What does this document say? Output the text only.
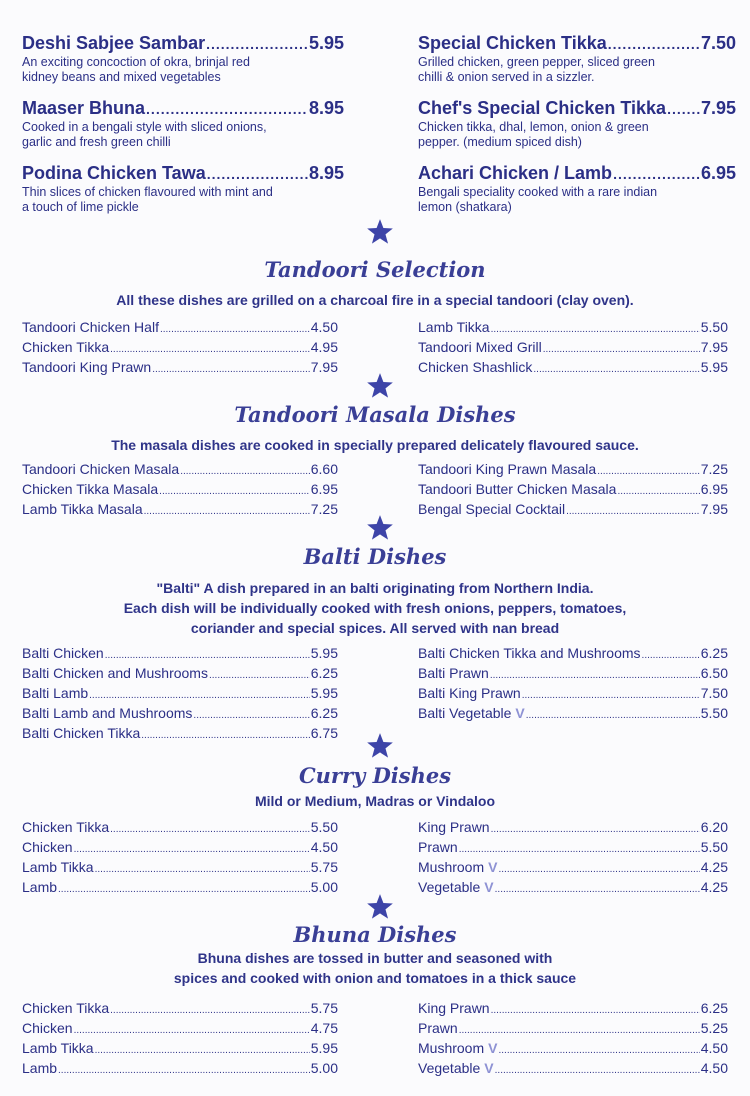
Deshi Sabjee Sambar .....	5.95
An exciting concoction of okra, brinjal red
kidney beans and mixed vegetables
Maaser Bhuna .....	8.95
Cooked in a bengali style with sliced onions,
garlic and fresh green chilli
Podina Chicken Tawa .....	8.95
Thin slices of chicken flavoured with mint and
a touch of lime pickle
Special Chicken Tikka .....	7.50
Grilled chicken, green pepper, sliced green
chilli & onion served in a sizzler.
Chef's Special Chicken Tikka ..... 7.95
Chicken tikka, dhal, lemon, onion & green
pepper. (medium spiced dish)
Achari Chicken / Lamb .....	6.95
Bengali speciality cooked with a rare indian
lemon (shatkara)
Tandoori Selection
All these dishes are grilled on a charcoal fire in a special tandoori (clay oven).
Tandoori Chicken Half .....	4.50
Chicken Tikka .....	4.95
Tandoori King Prawn .....	7.95
Lamb Tikka .....	5.50
Tandoori Mixed Grill .....	7.95
Chicken Shashlick .....	5.95
Tandoori Masala Dishes
The masala dishes are cooked in specially prepared delicately flavoured sauce.
Tandoori Chicken Masala .....	6.60
Chicken Tikka Masala .....	6.95
Lamb Tikka Masala .....	7.25
Tandoori King Prawn Masala .....	7.25
Tandoori Butter Chicken Masala .....	6.95
Bengal Special Cocktail .....	7.95
Balti Dishes
"Balti" A dish prepared in an balti originating from Northern India.
Each dish will be individually cooked with fresh onions, peppers, tomatoes,
coriander and special spices. All served with nan bread
Balti Chicken .....	5.95
Balti Chicken and Mushrooms .....	6.25
Balti Lamb .....	5.95
Balti Lamb and Mushrooms .....	6.25
Balti Chicken Tikka .....	6.75
Balti Chicken Tikka and Mushrooms .....	6.25
Balti Prawn .....	6.50
Balti King Prawn .....	7.50
Balti Vegetable V .....	5.50
Curry Dishes
Mild or Medium, Madras or Vindaloo
Chicken Tikka .....	5.50
Chicken .....	4.50
Lamb Tikka .....	5.75
Lamb .....	5.00
King Prawn .....	6.20
Prawn .....	5.50
Mushroom V .....	4.25
Vegetable V .....	4.25
Bhuna Dishes
Bhuna dishes are tossed in butter and seasoned with
spices and cooked with onion and tomatoes in a thick sauce
Chicken Tikka .....	5.75
Chicken .....	4.75
Lamb Tikka .....	5.95
Lamb .....	5.00
King Prawn .....	6.25
Prawn .....	5.25
Mushroom V .....	4.50
Vegetable V .....	4.50
